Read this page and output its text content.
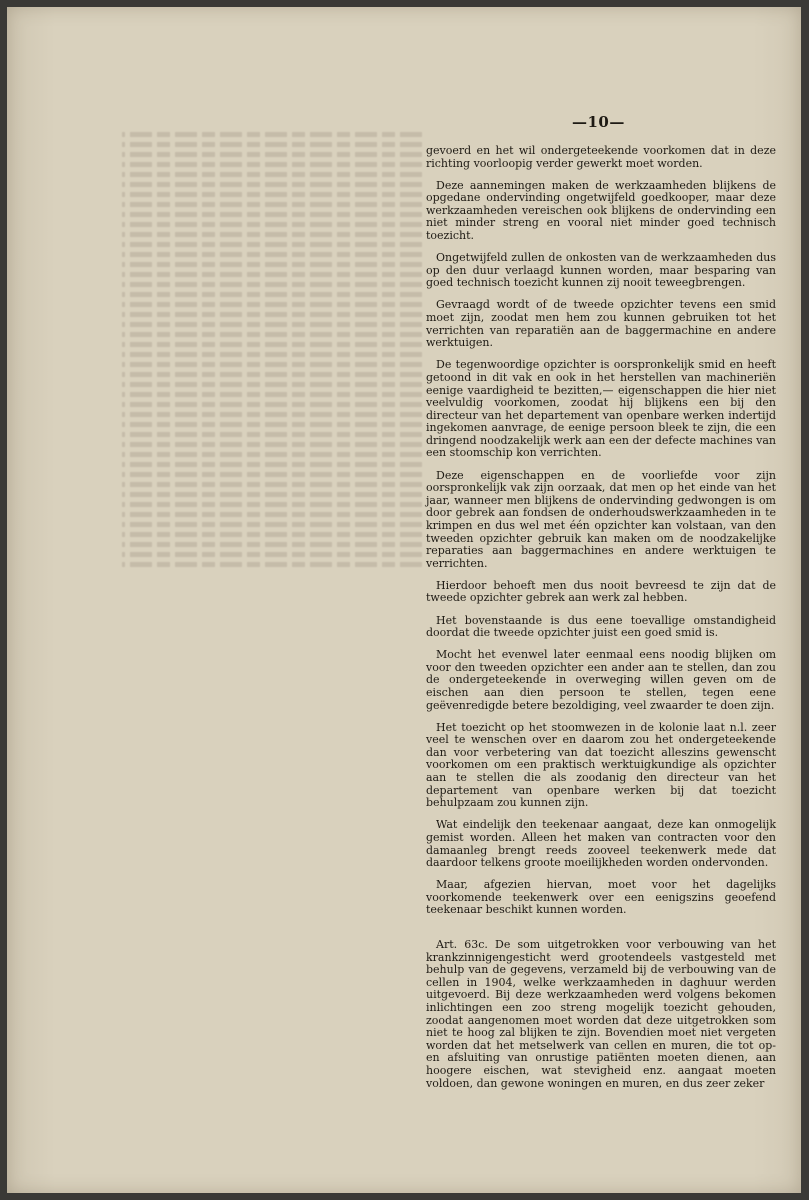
—10—

gevoerd en het wil ondergeteekende voorkomen dat in deze richting voorloopig verder gewerkt moet worden.

Deze aannemingen maken de werkzaamheden blijkens de opgedane ondervinding ongetwijfeld goedkooper, maar deze werkzaamheden vereischen ook blijkens de ondervinding een niet minder streng en vooral niet minder goed technisch toezicht.

Ongetwijfeld zullen de onkosten van de werkzaamheden dus op den duur verlaagd kunnen worden, maar besparing van goed technisch toezicht kunnen zij nooit teweegbrengen.

Gevraagd wordt of de tweede opzichter tevens een smid moet zijn, zoodat men hem zou kunnen gebruiken tot het verrichten van reparatiën aan de baggermachine en andere werktuigen.

De tegenwoordige opzichter is oorspronkelijk smid en heeft getoond in dit vak en ook in het herstellen van machineriën eenige vaardigheid te bezitten,— eigenschappen die hier niet veelvuldig voorkomen, zoodat hij blijkens een bij den directeur van het departement van openbare werken indertijd ingekomen aanvrage, de eenige persoon bleek te zijn, die een dringend noodzakelijk werk aan een der defecte machines van een stoomschip kon verrichten.

Deze eigenschappen en de voorliefde voor zijn oorspronkelijk vak zijn oorzaak, dat men op het einde van het jaar, wanneer men blijkens de ondervinding gedwongen is om door gebrek aan fondsen de onderhoudswerkzaamheden in te krimpen en dus wel met één opzichter kan volstaan, van den tweeden opzichter gebruik kan maken om de noodzakelijke reparaties aan baggermachines en andere werktuigen te verrichten.

Hierdoor behoeft men dus nooit bevreesd te zijn dat de tweede opzichter gebrek aan werk zal hebben.

Het bovenstaande is dus eene toevallige omstandigheid doordat die tweede opzichter juist een goed smid is.

Mocht het evenwel later eenmaal eens noodig blijken om voor den tweeden opzichter een ander aan te stellen, dan zou de ondergeteekende in overweging willen geven om de eischen aan dien persoon te stellen, tegen eene geëvenredigde betere bezoldiging, veel zwaarder te doen zijn.

Het toezicht op het stoomwezen in de kolonie laat n.l. zeer veel te wenschen over en daarom zou het ondergeteekende dan voor verbetering van dat toezicht alleszins gewenscht voorkomen om een praktisch werktuigkundige als opzichter aan te stellen die als zoodanig den directeur van het departement van openbare werken bij dat toezicht behulpzaam zou kunnen zijn.

Wat eindelijk den teekenaar aangaat, deze kan onmogelijk gemist worden. Alleen het maken van contracten voor den damaanleg brengt reeds zooveel teekenwerk mede dat daardoor telkens groote moeilijkheden worden ondervonden.

Maar, afgezien hiervan, moet voor het dagelijks voorkomende teekenwerk over een eenigszins geoefend teekenaar beschikt kunnen worden.

Art. 63c. De som uitgetrokken voor verbouwing van het krankzinnigengesticht werd grootendeels vastgesteld met behulp van de gegevens, verzameld bij de verbouwing van de cellen in 1904, welke werkzaamheden in daghuur werden uitgevoerd. Bij deze werkzaamheden werd volgens bekomen inlichtingen een zoo streng mogelijk toezicht gehouden, zoodat aangenomen moet worden dat deze uitgetrokken som niet te hoog zal blijken te zijn. Bovendien moet niet vergeten worden dat het metselwerk van cellen en muren, die tot op- en afsluiting van onrustige patiënten moeten dienen, aan hoogere eischen, wat stevigheid enz. aangaat moeten voldoen, dan gewone woningen en muren, en dus zeer zeker
